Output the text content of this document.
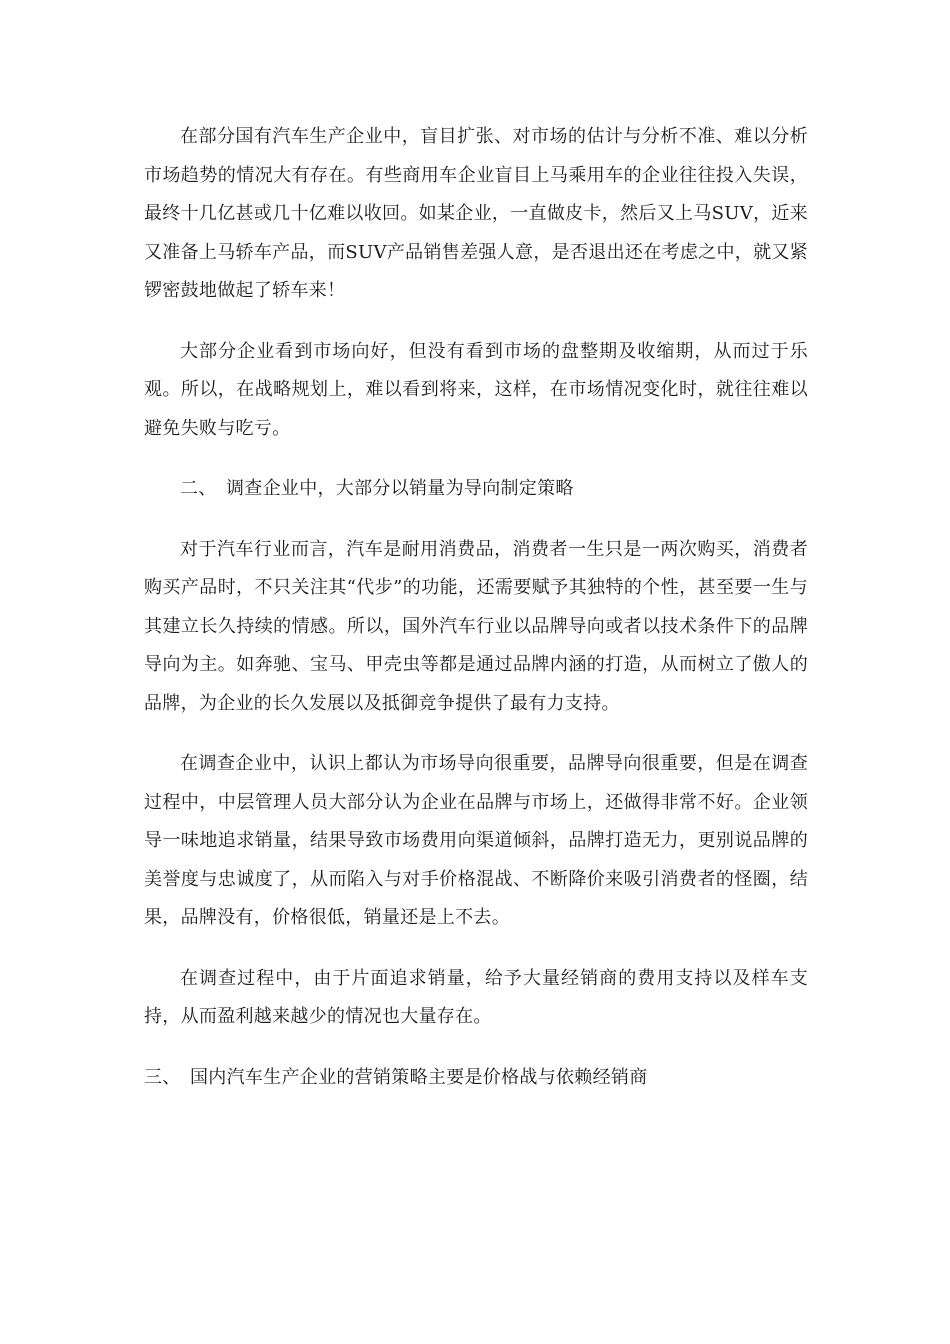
在部分国有汽车生产企业中，盲目扩张、对市场的估计与分析不准、难以分析市场趋势的情况大有存在。有些商用车企业盲目上马乘用车的企业往往投入失误，最终十几亿甚或几十亿难以收回。如某企业，一直做皮卡，然后又上马SUV，近来又准备上马轿车产品，而SUV产品销售差强人意，是否退出还在考虑之中，就又紧锣密鼓地做起了轿车来！

大部分企业看到市场向好，但没有看到市场的盘整期及收缩期，从而过于乐观。所以，在战略规划上，难以看到将来，这样，在市场情况变化时，就往往难以避免失败与吃亏。

二、 调查企业中，大部分以销量为导向制定策略

对于汽车行业而言，汽车是耐用消费品，消费者一生只是一两次购买，消费者购买产品时，不只关注其“代步”的功能，还需要赋予其独特的个性，甚至要一生与其建立长久持续的情感。所以，国外汽车行业以品牌导向或者以技术条件下的品牌导向为主。如奔驰、宝马、甲壳虫等都是通过品牌内涵的打造，从而树立了傲人的品牌，为企业的长久发展以及抵御竞争提供了最有力支持。

在调查企业中，认识上都认为市场导向很重要，品牌导向很重要，但是在调查过程中，中层管理人员大部分认为企业在品牌与市场上，还做得非常不好。企业领导一味地追求销量，结果导致市场费用向渠道倾斜，品牌打造无力，更别说品牌的美誉度与忠诚度了，从而陷入与对手价格混战、不断降价来吸引消费者的怪圈，结果，品牌没有，价格很低，销量还是上不去。

在调查过程中，由于片面追求销量，给予大量经销商的费用支持以及样车支持，从而盈利越来越少的情况也大量存在。

三、 国内汽车生产企业的营销策略主要是价格战与依赖经销商
